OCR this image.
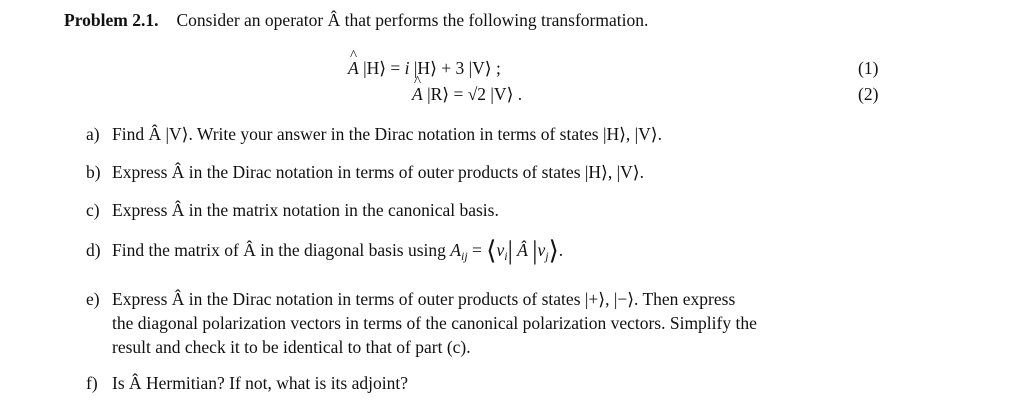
Problem 2.1. Consider an operator Â that performs the following transformation.
^ A |H⟩ = i |H⟩ + 3 |V⟩ ;	(1)
^ A |R⟩ = √2 |V⟩ .	(2)
a) Find Â |V⟩. Write your answer in the Dirac notation in terms of states |H⟩, |V⟩.
b) Express Â in the Dirac notation in terms of outer products of states |H⟩, |V⟩.
c) Express Â in the matrix notation in the canonical basis.
d) Find the matrix of Â in the diagonal basis using $A_{ij}$ = $⟨v_i|$ Â $|v_j⟩$.
e) Express Â in the Dirac notation in terms of outer products of states |+⟩, |−⟩. Then express
the diagonal polarization vectors in terms of the canonical polarization vectors. Simplify the
result and check it to be identical to that of part (c).
f) Is Â Hermitian? If not, what is its adjoint?
